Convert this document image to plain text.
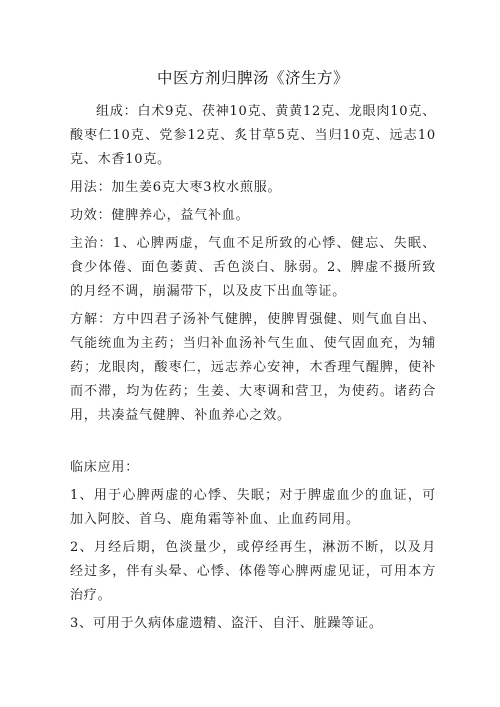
中医方剂归脾汤《济生方》

组成：白术9克、茯神10克、黄黄12克、龙眼肉10克、酸枣仁10克、党参12克、炙甘草5克、当归10克、远志10克、木香10克。

用法：加生姜6克大枣3枚水煎服。

功效：健脾养心，益气补血。

主治：1、心脾两虚，气血不足所致的心悸、健忘、失眠、食少体倦、面色萎黄、舌色淡白、脉弱。2、脾虚不摄所致的月经不调，崩漏带下，以及皮下出血等证。

方解：方中四君子汤补气健脾，使脾胃强健、则气血自出、气能统血为主药；当归补血汤补气生血、使气固血充，为辅药；龙眼肉，酸枣仁，远志养心安神，木香理气醒脾，使补而不滞，均为佐药；生姜、大枣调和营卫，为使药。诸药合用，共凑益气健脾、补血养心之效。

临床应用：

1、用于心脾两虚的心悸、失眠；对于脾虚血少的血证，可加入阿胶、首乌、鹿角霜等补血、止血药同用。

2、月经后期，色淡量少，或停经再生，淋沥不断，以及月经过多，伴有头晕、心悸、体倦等心脾两虚见证，可用本方治疗。

3、可用于久病体虚遗精、盗汗、自汗、脏躁等证。
